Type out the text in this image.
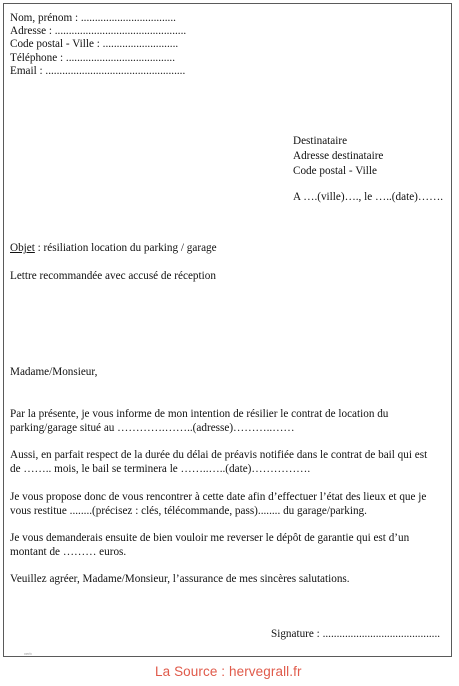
Nom, prénom : ..................................
Adresse : ...............................................
Code postal - Ville : ...........................
Téléphone : .......................................
Email : ..................................................
Destinataire
Adresse destinataire
Code postal - Ville
A ….(ville)…., le …..(date)…….
Objet : résiliation location du parking / garage
Lettre recommandée avec accusé de réception
Madame/Monsieur,
Par la présente, je vous informe de mon intention de résilier le contrat de location du
parking/garage situé au ………….……..(adresse)………..……
Aussi, en parfait respect de la durée du délai de préavis notifiée dans le contrat de bail qui est
de …….. mois, le bail se terminera le ……..…..(date)…………….
Je vous propose donc de vous rencontrer à cette date afin d’effectuer l’état des lieux et que je
vous restitue ........(précisez : clés, télécommande, pass)........ du garage/parking.
Je vous demanderais ensuite de bien vouloir me reverser le dépôt de garantie qui est d’un
montant de ……… euros.
Veuillez agréer, Madame/Monsieur, l’assurance de mes sincères salutations.
Signature : ..........................................
verb
La Source : hervegrall.fr
